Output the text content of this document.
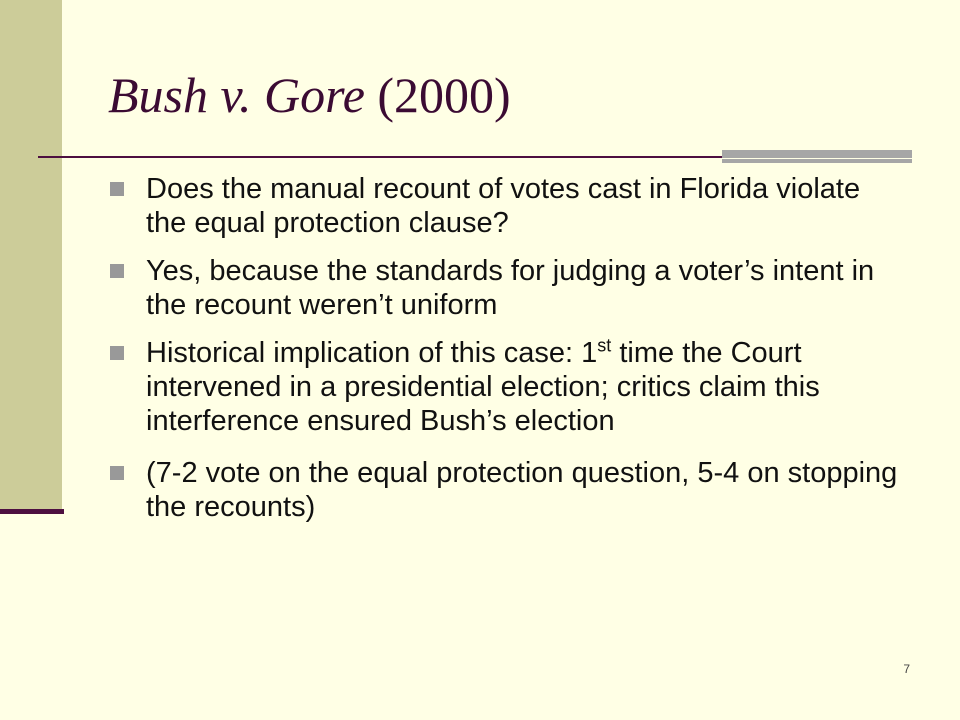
Bush v. Gore (2000)
Does the manual recount of votes cast in Florida violate the equal protection clause?
Yes, because the standards for judging a voter’s intent in the recount weren’t uniform
Historical implication of this case: 1st time the Court intervened in a presidential election; critics claim this interference ensured Bush’s election
(7-2 vote on the equal protection question, 5-4 on stopping the recounts)
7
